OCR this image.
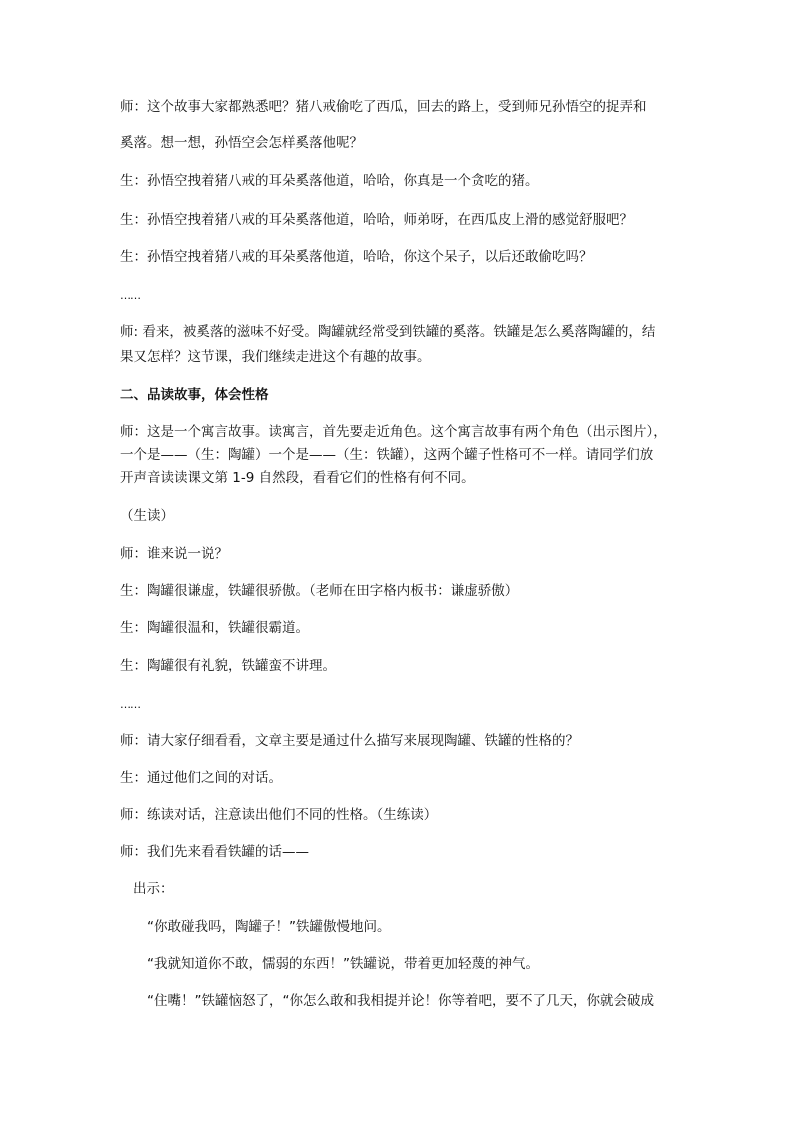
师：这个故事大家都熟悉吧？猪八戒偷吃了西瓜，回去的路上，受到师兄孙悟空的捉弄和
奚落。想一想，孙悟空会怎样奚落他呢？
生：孙悟空拽着猪八戒的耳朵奚落他道，哈哈，你真是一个贪吃的猪。
生：孙悟空拽着猪八戒的耳朵奚落他道，哈哈，师弟呀，在西瓜皮上滑的感觉舒服吧？
生：孙悟空拽着猪八戒的耳朵奚落他道，哈哈，你这个呆子，以后还敢偷吃吗？
……
师: 看来，被奚落的滋味不好受。陶罐就经常受到铁罐的奚落。铁罐是怎么奚落陶罐的，结
果又怎样？这节课，我们继续走进这个有趣的故事。
二、品读故事，体会性格
师：这是一个寓言故事。读寓言，首先要走近角色。这个寓言故事有两个角色（出示图片），
一个是——（生：陶罐）一个是——（生：铁罐），这两个罐子性格可不一样。请同学们放
开声音读读课文第 1-9 自然段，看看它们的性格有何不同。
（生读）
师：谁来说一说？
生：陶罐很谦虚，铁罐很骄傲。（老师在田字格内板书：谦虚骄傲）
生：陶罐很温和，铁罐很霸道。
生：陶罐很有礼貌，铁罐蛮不讲理。
……
师：请大家仔细看看，文章主要是通过什么描写来展现陶罐、铁罐的性格的？
生：通过他们之间的对话。
师：练读对话，注意读出他们不同的性格。（生练读）
师：我们先来看看铁罐的话——
出示：
“你敢碰我吗，陶罐子！”铁罐傲慢地问。
“我就知道你不敢，懦弱的东西！”铁罐说，带着更加轻蔑的神气。
“住嘴！”铁罐恼怒了，“你怎么敢和我相提并论！你等着吧，要不了几天，你就会破成
